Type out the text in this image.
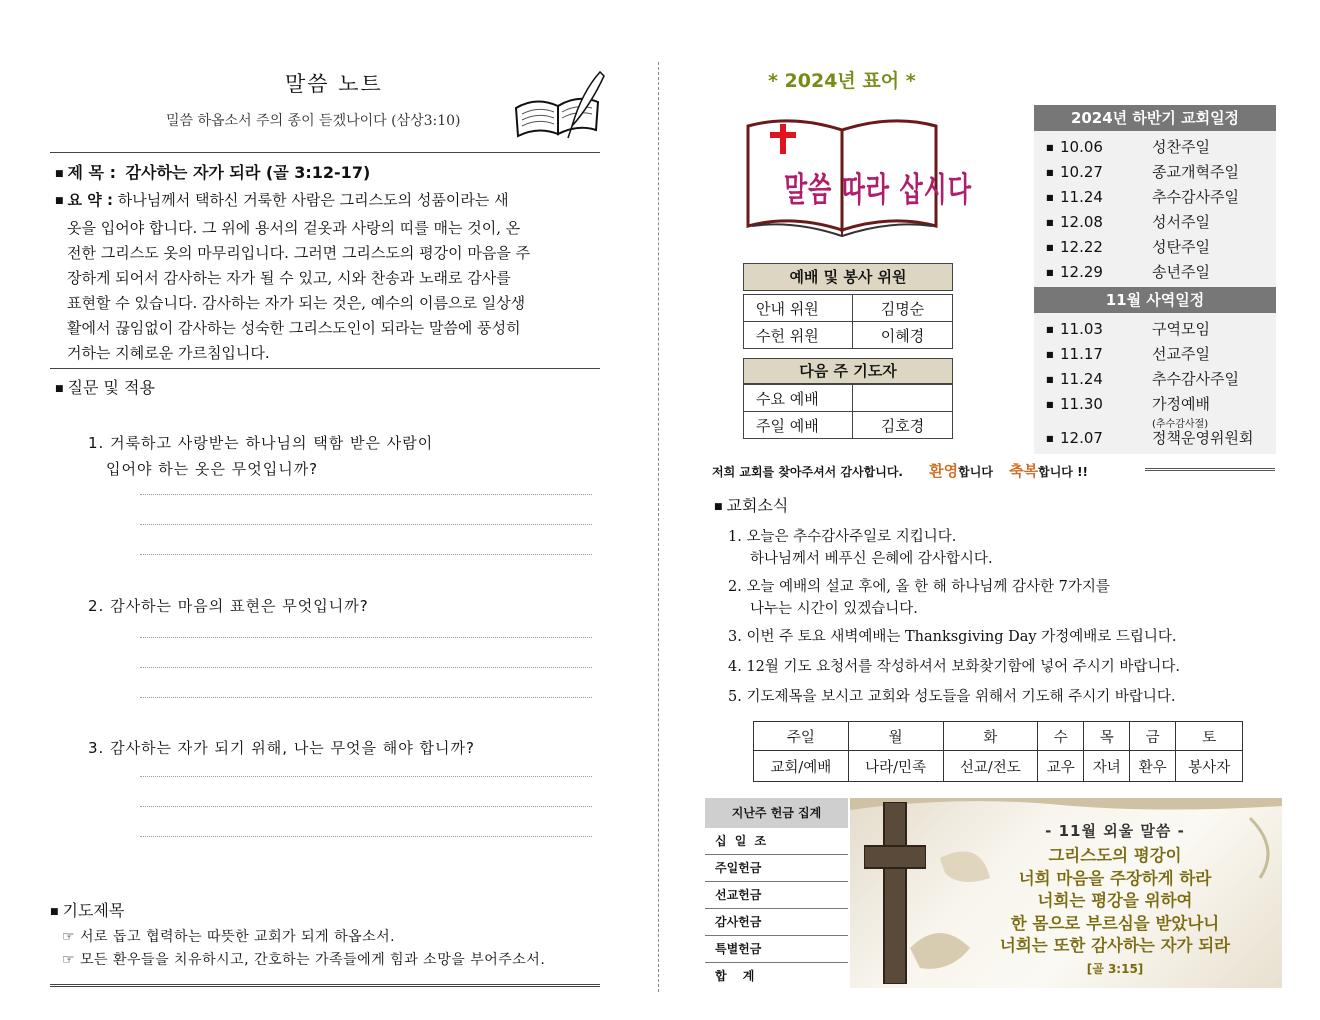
말씀 노트
밀씀 하옵소서 주의 종이 듣겠나이다 (삼상3:10)
■ 제 목 : 감사하는 자가 되라 (골 3:12-17)
■ 요 약 : 하나님께서 택하신 거룩한 사람은 그리스도의 성품이라는 새
옷을 입어야 합니다. 그 위에 용서의 겉옷과 사랑의 띠를 매는 것이, 온
전한 그리스도 옷의 마무리입니다. 그러면 그리스도의 평강이 마음을 주
장하게 되어서 감사하는 자가 될 수 있고, 시와 찬송과 노래로 감사를
표현할 수 있습니다. 감사하는 자가 되는 것은, 예수의 이름으로 일상생
활에서 끊임없이 감사하는 성숙한 그리스도인이 되라는 말씀에 풍성히
거하는 지혜로운 가르침입니다.
■ 질문 및 적용
1. 거룩하고 사랑받는 하나님의 택함 받은 사람이
입어야 하는 옷은 무엇입니까?
2. 감사하는 마음의 표현은 무엇입니까?
3. 감사하는 자가 되기 위해, 나는 무엇을 해야 합니까?
■ 기도제목
☞ 서로 돕고 협력하는 따뜻한 교회가 되게 하옵소서.
☞ 모든 환우들을 치유하시고, 간호하는 가족들에게 힘과 소망을 부어주소서.
* 2024년 표어 *
말씀 따라 삽시다
예배 및 봉사 위원
안내 위원	김명순
수헌 위원	이혜경
다음 주 기도자
수요 예배	
주일 예배	김호경
2024년 하반기 교회일정
■ 10.06	성찬주일
■ 10.27	종교개혁주일
■ 11.24	추수감사주일
■ 12.08	성서주일
■ 12.22	성탄주일
■ 12.29	송년주일
11월 사역일정
■ 11.03	구역모임
■ 11.17	선교주일
■ 11.24	추수감사주일
■ 11.30	가정예배
(추수감사절)
■ 12.07	정책운영위원회
저희 교회를 찾아주셔서 감사합니다. 환영합니다 축복합니다 !!
■ 교회소식
1. 오늘은 추수감사주일로 지킵니다.
하나님께서 베푸신 은혜에 감사합시다.
2. 오늘 예배의 설교 후에, 올 한 해 하나님께 감사한 7가지를
나누는 시간이 있겠습니다.
3. 이번 주 토요 새벽예배는 Thanksgiving Day 가정예배로 드립니다.
4. 12월 기도 요청서를 작성하셔서 보화찾기함에 넣어 주시기 바랍니다.
5. 기도제목을 보시고 교회와 성도들을 위해서 기도해 주시기 바랍니다.
주일	월	화	수	목	금	토
교회/예배	나라/민족	선교/전도	교우	자녀	환우	봉사자
지난주 헌금 집계
십 일 조
주일헌금
선교헌금
감사헌금
특별헌금
합 계
- 11월 외울 말씀 -
그리스도의 평강이
너희 마음을 주장하게 하라
너희는 평강을 위하여
한 몸으로 부르심을 받았나니
너희는 또한 감사하는 자가 되라
[골 3:15]
